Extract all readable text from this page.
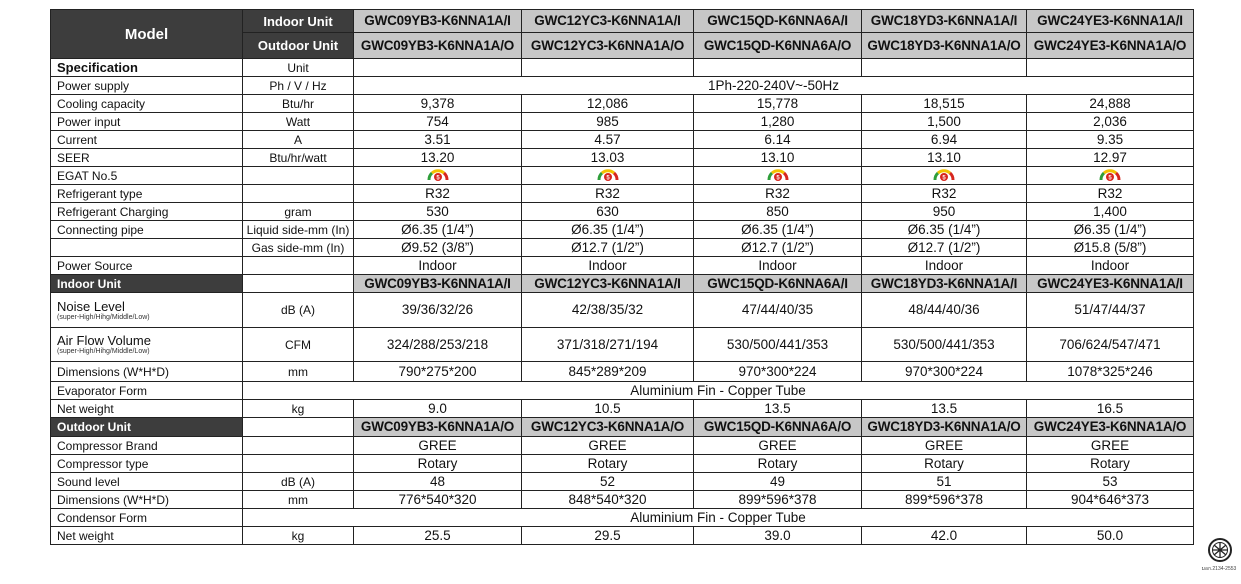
Model	Indoor Unit	GWC09YB3-K6NNA1A/I	GWC12YC3-K6NNA1A/I	GWC15QD-K6NNA6A/I	GWC18YD3-K6NNA1A/I	GWC24YE3-K6NNA1A/I
	Outdoor Unit	GWC09YB3-K6NNA1A/O	GWC12YC3-K6NNA1A/O	GWC15QD-K6NNA6A/O	GWC18YD3-K6NNA1A/O	GWC24YE3-K6NNA1A/O
Specification	Unit					
Power supply	Ph / V / Hz	1Ph-220-240V~-50Hz				
Cooling capacity	Btu/hr	9,378	12,086	15,778	18,515	24,888
Power input	Watt	754	985	1,280	1,500	2,036
Current	A	3.51	4.57	6.14	6.94	9.35
SEER	Btu/hr/watt	13.20	13.03	13.10	13.10	12.97
EGAT No.5		5	5	5	5	5

Refrigerant type		R32	R32	R32	R32	R32
Refrigerant Charging	gram	530	630	850	950	1,400
Connecting pipe	Liquid side-mm (In)	Ø6.35 (1/4”)	Ø6.35 (1/4”)	Ø6.35 (1/4”)	Ø6.35 (1/4”)	Ø6.35 (1/4”)
	Gas side-mm (In)	Ø9.52 (3/8”)	Ø12.7 (1/2”)	Ø12.7 (1/2”)	Ø12.7 (1/2”)	Ø15.8 (5/8”)
Power Source		Indoor	Indoor	Indoor	Indoor	Indoor
Indoor Unit		GWC09YB3-K6NNA1A/I	GWC12YC3-K6NNA1A/I	GWC15QD-K6NNA6A/I	GWC18YD3-K6NNA1A/I	GWC24YE3-K6NNA1A/I
Noise Level
(super-High/Hihg/Middle/Low)	dB (A)	39/36/32/26	42/38/35/32	47/44/40/35	48/44/40/36	51/47/44/37
Air Flow Volume
(super-High/Hihg/Middle/Low)	CFM	324/288/253/218	371/318/271/194	530/500/441/353	530/500/441/353	706/624/547/471
Dimensions (W*H*D)	mm	790*275*200	845*289*209	970*300*224	970*300*224	1078*325*246
Evaporator Form	Aluminium Fin - Copper Tube					
Net weight	kg	9.0	10.5	13.5	13.5	16.5
Outdoor Unit		GWC09YB3-K6NNA1A/O	GWC12YC3-K6NNA1A/O	GWC15QD-K6NNA6A/O	GWC18YD3-K6NNA1A/O	GWC24YE3-K6NNA1A/O
Compressor Brand		GREE	GREE	GREE	GREE	GREE
Compressor type		Rotary	Rotary	Rotary	Rotary	Rotary
Sound level	dB (A)	48	52	49	51	53
Dimensions (W*H*D)	mm	776*540*320	848*540*320	899*596*378	899*596*378	904*646*373
Condensor Form	Aluminium Fin - Copper Tube					
Net weight	kg	25.5	29.5	39.0	42.0	50.0
มอก.2134-2553
